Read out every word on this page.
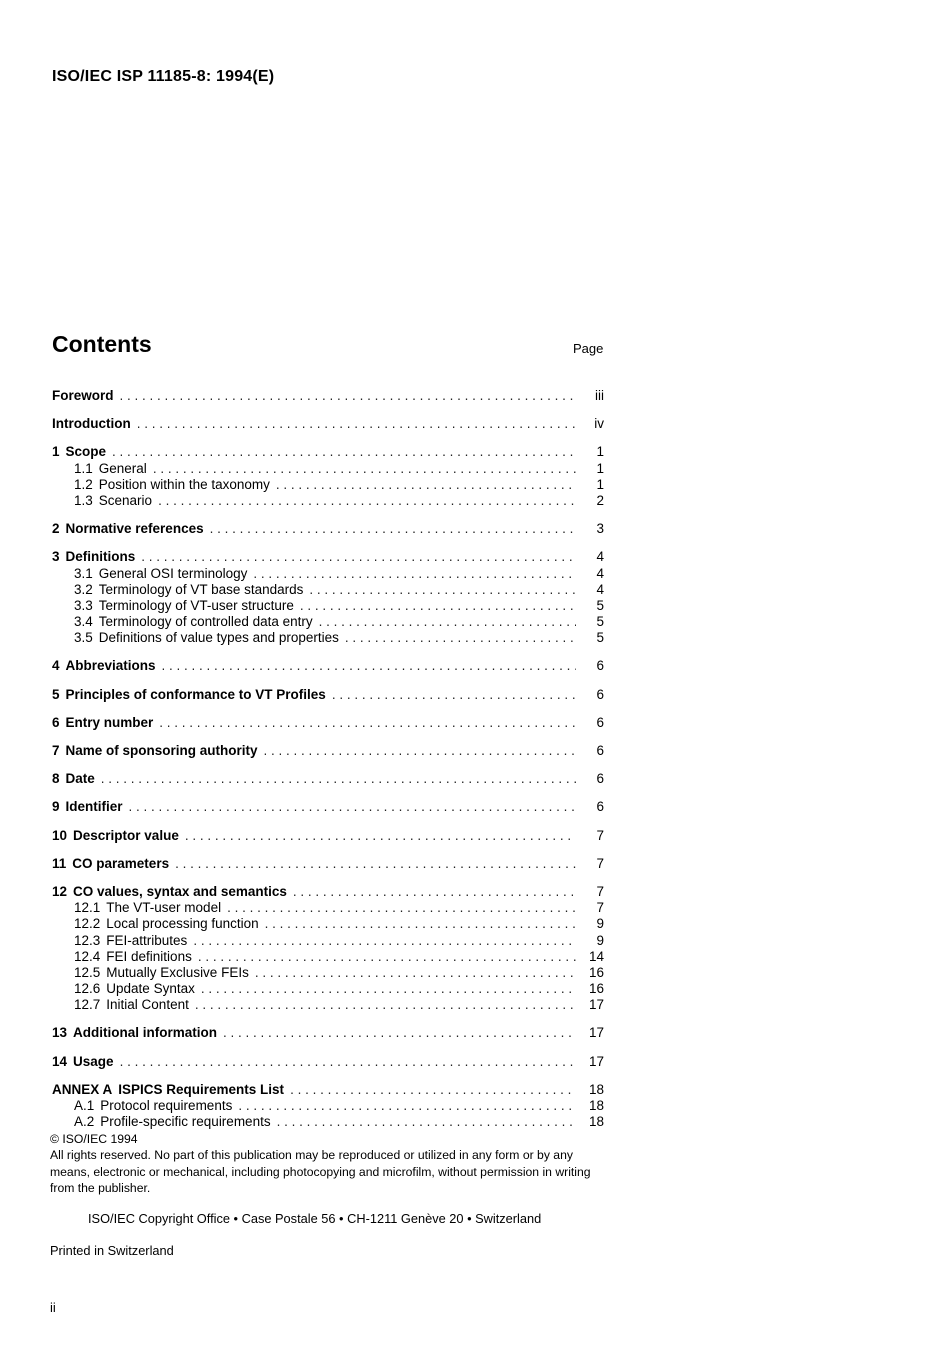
ISO/IEC ISP 11185-8: 1994(E)
Contents	Page
Foreword . . .	iii
Introduction . . .	iv
1 Scope . . .	1
1.1 General . . .	1
1.2 Position within the taxonomy . . .	1
1.3 Scenario . . .	2
2 Normative references . . .	3
3 Definitions . . .	4
3.1 General OSI terminology . . .	4
3.2 Terminology of VT base standards . . .	4
3.3 Terminology of VT-user structure . . .	5
3.4 Terminology of controlled data entry . . .	5
3.5 Definitions of value types and properties . . .	5
4 Abbreviations . . .	6
5 Principles of conformance to VT Profiles . . .	6
6 Entry number . . .	6
7 Name of sponsoring authority . . .	6
8 Date . . .	6
9 Identifier . . .	6
10 Descriptor value . . .	7
11 CO parameters . . .	7
12 CO values, syntax and semantics . . .	7
12.1 The VT-user model . . .	7
12.2 Local processing function . . .	9
12.3 FEI-attributes . . .	9
12.4 FEI definitions . . .	14
12.5 Mutually Exclusive FEIs . . .	16
12.6 Update Syntax . . .	16
12.7 Initial Content . . .	17
13 Additional information . . .	17
14 Usage . . .	17
ANNEX A ISPICS Requirements List . . .	18
A.1 Protocol requirements . . .	18
A.2 Profile-specific requirements . . .	18
© ISO/IEC 1994
All rights reserved. No part of this publication may be reproduced or utilized in any form or by any means, electronic or mechanical, including photocopying and microfilm, without permission in writing from the publisher.
ISO/IEC Copyright Office • Case Postale 56 • CH-1211 Genève 20 • Switzerland
Printed in Switzerland
ii
